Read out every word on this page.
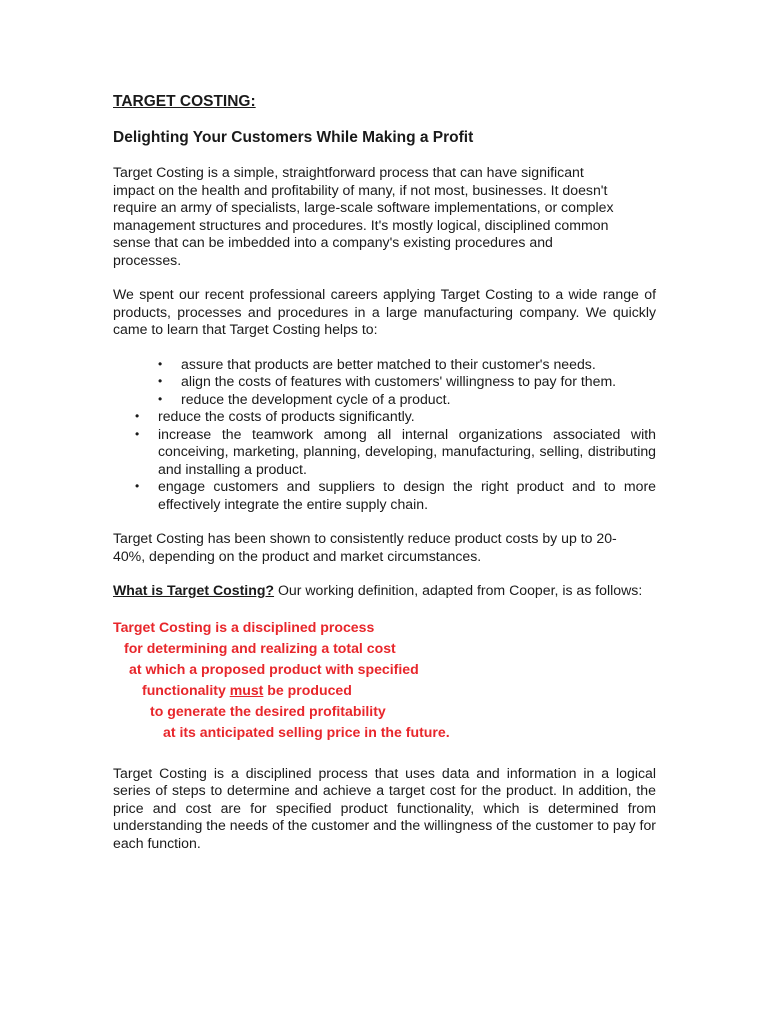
TARGET COSTING:
Delighting Your Customers While Making a Profit
Target Costing is a simple, straightforward process that can have significant
impact on the health and profitability of many, if not most, businesses. It doesn't
require an army of specialists, large-scale software implementations, or complex
management structures and procedures. It's mostly logical, disciplined common
sense that can be imbedded into a company's existing procedures and
processes.
We spent our recent professional careers applying Target Costing to a wide range of products, processes and procedures in a large manufacturing company. We quickly came to learn that Target Costing helps to:
• assure that products are better matched to their customer's needs.
• align the costs of features with customers' willingness to pay for them.
• reduce the development cycle of a product.
• reduce the costs of products significantly.
• increase the teamwork among all internal organizations associated with conceiving, marketing, planning, developing, manufacturing, selling, distributing and installing a product.
• engage customers and suppliers to design the right product and to more effectively integrate the entire supply chain.
Target Costing has been shown to consistently reduce product costs by up to 20-
40%, depending on the product and market circumstances.
What is Target Costing? Our working definition, adapted from Cooper, is as follows:
Target Costing is a disciplined process
for determining and realizing a total cost
at which a proposed product with specified
functionality must be produced
to generate the desired profitability
at its anticipated selling price in the future.
Target Costing is a disciplined process that uses data and information in a logical series of steps to determine and achieve a target cost for the product. In addition, the price and cost are for specified product functionality, which is determined from understanding the needs of the customer and the willingness of the customer to pay for each function.
